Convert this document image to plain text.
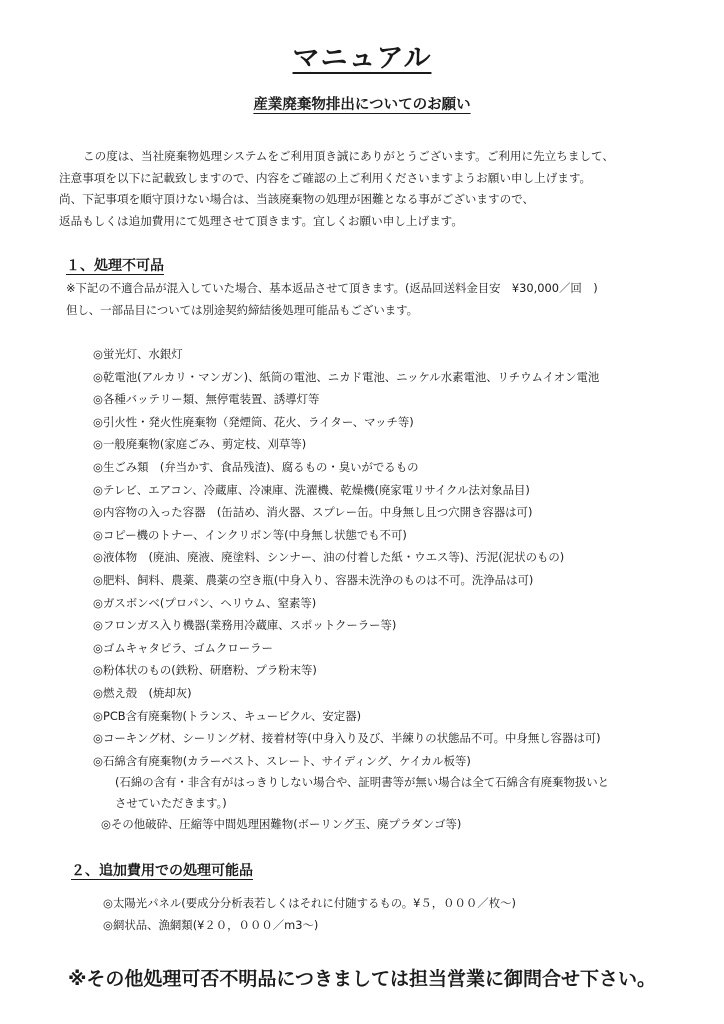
マニュアル
産業廃棄物排出についてのお願い
この度は、当社廃棄物処理システムをご利用頂き誠にありがとうございます。ご利用に先立ちまして、
注意事項を以下に記載致しますので、内容をご確認の上ご利用くださいますようお願い申し上げます。
尚、下記事項を順守頂けない場合は、当該廃棄物の処理が困難となる事がございますので、
返品もしくは追加費用にて処理させて頂きます。宜しくお願い申し上げます。
１、処理不可品
※下記の不適合品が混入していた場合、基本返品させて頂きます。(返品回送料金目安　¥30,000／回　)
但し、一部品目については別途契約締結後処理可能品もございます。
◎蛍光灯、水銀灯
◎乾電池(アルカリ・マンガン)、紙筒の電池、ニカド電池、ニッケル水素電池、リチウムイオン電池
◎各種バッテリー類、無停電装置、誘導灯等
◎引火性・発火性廃棄物（発煙筒、花火、ライター、マッチ等)
◎一般廃棄物(家庭ごみ、剪定枝、刈草等)
◎生ごみ類　(弁当かす、食品残渣)、腐るもの・臭いがでるもの
◎テレビ、エアコン、冷蔵庫、冷凍庫、洗濯機、乾燥機(廃家電リサイクル法対象品目)
◎内容物の入った容器　(缶詰め、消火器、スプレー缶。中身無し且つ穴開き容器は可)
◎コピー機のトナー、インクリボン等(中身無し状態でも不可)
◎液体物　(廃油、廃液、廃塗料、シンナー、油の付着した紙・ウエス等)、汚泥(泥状のもの)
◎肥料、飼料、農薬、農薬の空き瓶(中身入り、容器未洗浄のものは不可。洗浄品は可)
◎ガスボンベ(プロパン、ヘリウム、窒素等)
◎フロンガス入り機器(業務用冷蔵庫、スポットクーラー等)
◎ゴムキャタピラ、ゴムクローラー
◎粉体状のもの(鉄粉、研磨粉、プラ粉末等)
◎燃え殻　(焼却灰)
◎PCB含有廃棄物(トランス、キュービクル、安定器)
◎コーキング材、シーリング材、接着材等(中身入り及び、半練りの状態品不可。中身無し容器は可)
◎石綿含有廃棄物(カラーベスト、スレート、サイディング、ケイカル板等)
(石綿の含有・非含有がはっきりしない場合や、証明書等が無い場合は全て石綿含有廃棄物扱いと
させていただきます。)
◎その他破砕、圧縮等中間処理困難物(ボーリング玉、廃プラダンゴ等)
２、追加費用での処理可能品
◎太陽光パネル(要成分分析表若しくはそれに付随するもの。¥５，０００／枚～)
◎網状品、漁網類(¥２０，０００／m3～)
※その他処理可否不明品につきましては担当営業に御問合せ下さい。
